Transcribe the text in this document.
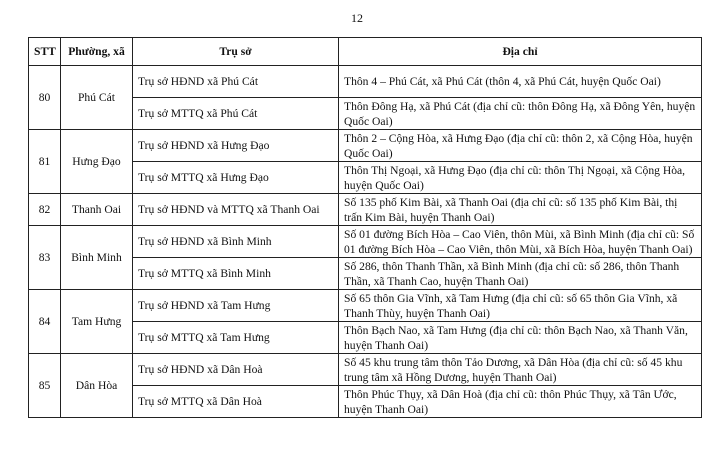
12
STT	Phường, xã	Trụ sở	Địa chỉ
80	Phú Cát	Trụ sở HĐND xã Phú Cát	Thôn 4 – Phú Cát, xã Phú Cát (thôn 4, xã Phú Cát, huyện Quốc Oai)
		Trụ sở MTTQ xã Phú Cát	Thôn Đông Hạ, xã Phú Cát (địa chỉ cũ: thôn Đông Hạ, xã Đông Yên, huyện Quốc Oai)
81	Hưng Đạo	Trụ sở HĐND xã Hưng Đạo	Thôn 2 – Cộng Hòa, xã Hưng Đạo (địa chỉ cũ: thôn 2, xã Cộng Hòa, huyện Quốc Oai)
		Trụ sở MTTQ xã Hưng Đạo	Thôn Thị Ngoại, xã Hưng Đạo (địa chỉ cũ: thôn Thị Ngoại, xã Cộng Hòa, huyện Quốc Oai)
82	Thanh Oai	Trụ sở HĐND và MTTQ xã Thanh Oai	Số 135 phố Kim Bài, xã Thanh Oai (địa chỉ cũ: số 135 phố Kim Bài, thị trấn Kim Bài, huyện Thanh Oai)
83	Bình Minh	Trụ sở HĐND xã Bình Minh	Số 01 đường Bích Hòa – Cao Viên, thôn Mùi, xã Bình Minh (địa chỉ cũ: Số 01 đường Bích Hòa – Cao Viên, thôn Mùi, xã Bích Hòa, huyện Thanh Oai)
		Trụ sở MTTQ xã Bình Minh	Số 286, thôn Thanh Thần, xã Bình Minh (địa chỉ cũ: số 286, thôn Thanh Thần, xã Thanh Cao, huyện Thanh Oai)
84	Tam Hưng	Trụ sở HĐND xã Tam Hưng	Số 65 thôn Gia Vĩnh, xã Tam Hưng (địa chỉ cũ: số 65 thôn Gia Vĩnh, xã Thanh Thùy, huyện Thanh Oai)
		Trụ sở MTTQ xã Tam Hưng	Thôn Bạch Nao, xã Tam Hưng (địa chỉ cũ: thôn Bạch Nao, xã Thanh Văn, huyện Thanh Oai)
85	Dân Hòa	Trụ sở HĐND xã Dân Hoà	Số 45 khu trung tâm thôn Tảo Dương, xã Dân Hòa (địa chỉ cũ: số 45 khu trung tâm xã Hồng Dương, huyện Thanh Oai)
		Trụ sở MTTQ xã Dân Hoà	Thôn Phúc Thụy, xã Dân Hoà (địa chỉ cũ: thôn Phúc Thụy, xã Tân Ước, huyện Thanh Oai)
